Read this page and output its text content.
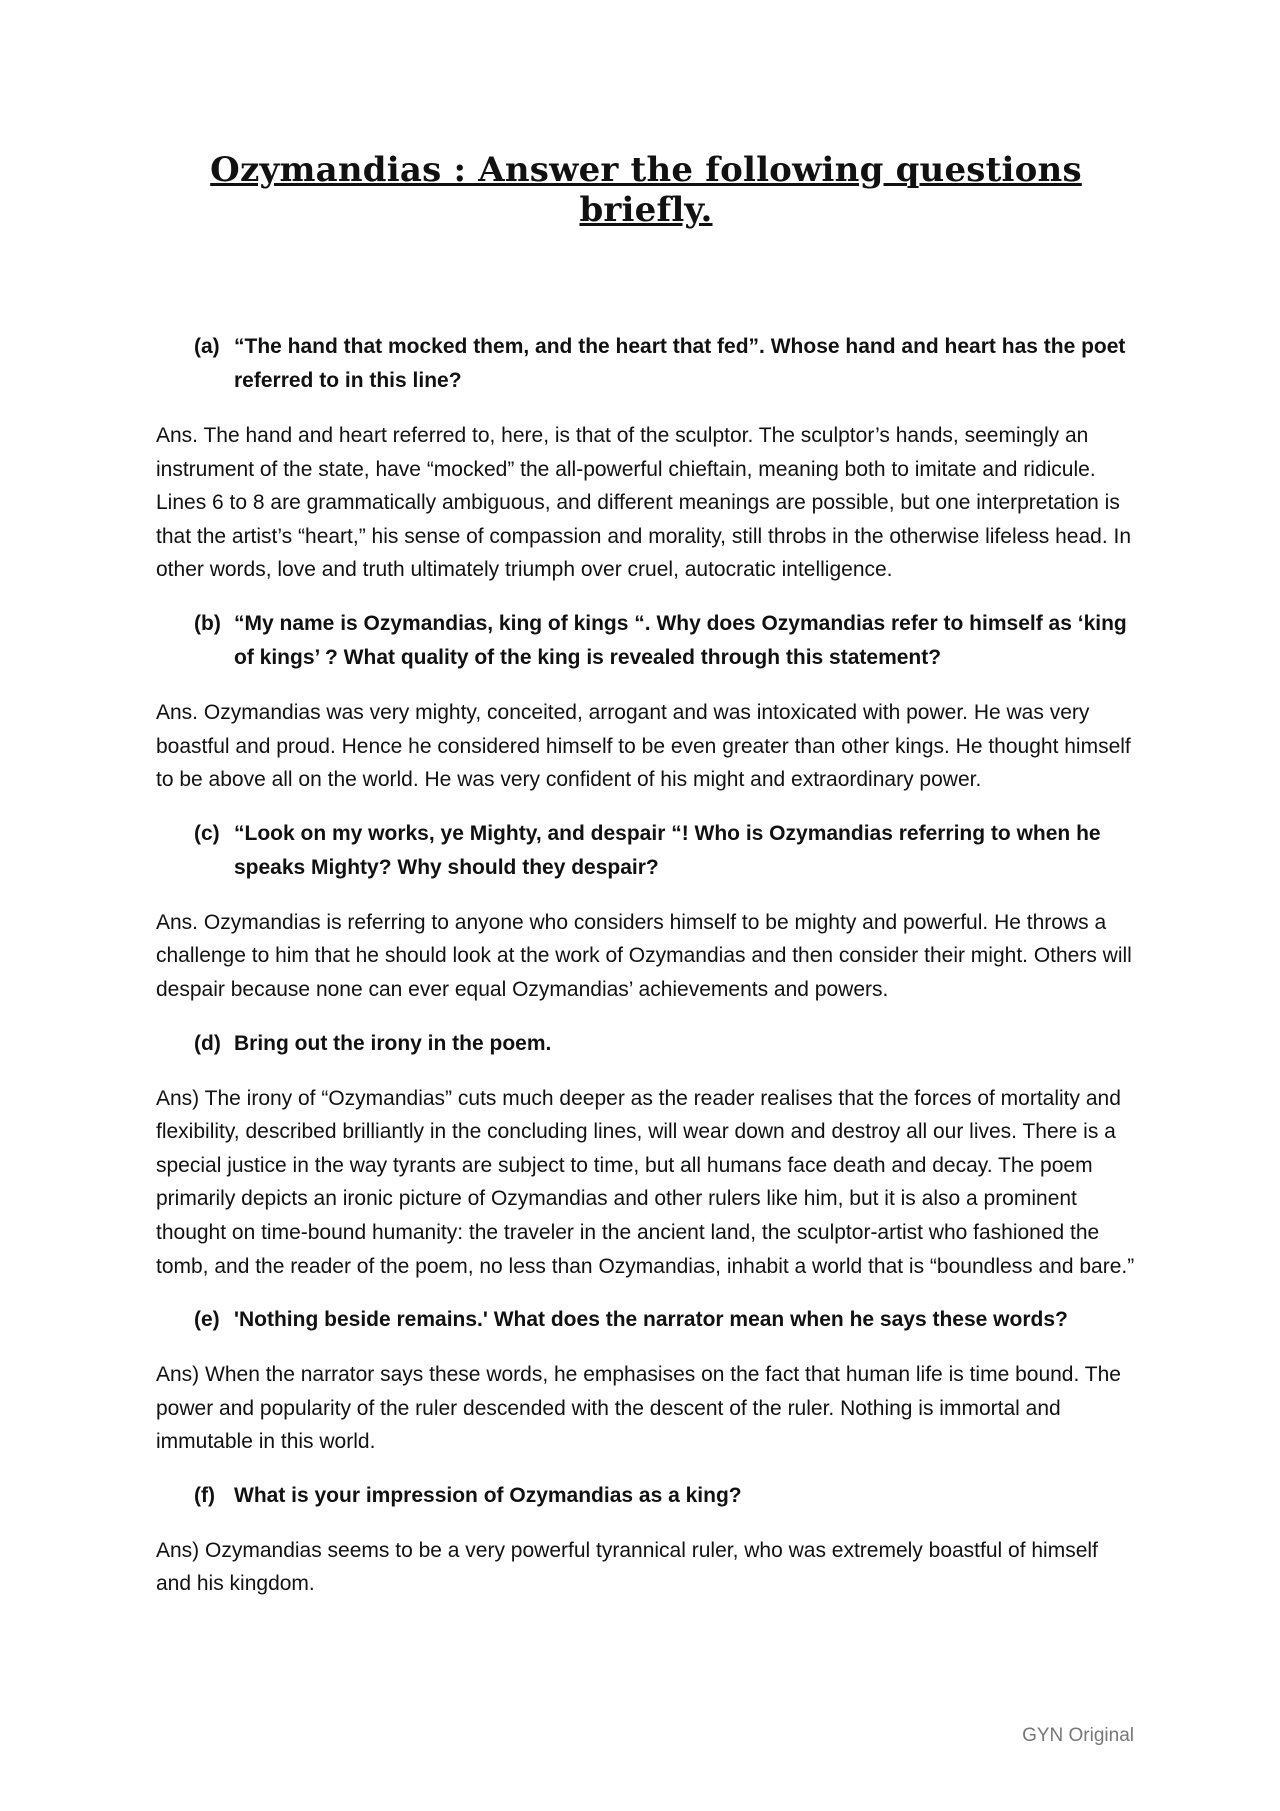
Ozymandias : Answer the following questions briefly.
(a) “The hand that mocked them, and the heart that fed”. Whose hand and heart has the poet referred to in this line?

Ans. The hand and heart referred to, here, is that of the sculptor. The sculptor’s hands, seemingly an instrument of the state, have “mocked” the all-powerful chieftain, meaning both to imitate and ridicule. Lines 6 to 8 are grammatically ambiguous, and different meanings are possible, but one interpretation is that the artist’s “heart,” his sense of compassion and morality, still throbs in the otherwise lifeless head. In other words, love and truth ultimately triumph over cruel, autocratic intelligence.

(b) “My name is Ozymandias, king of kings “. Why does Ozymandias refer to himself as ‘king of kings’ ? What quality of the king is revealed through this statement?

Ans. Ozymandias was very mighty, conceited, arrogant and was intoxicated with power. He was very boastful and proud. Hence he considered himself to be even greater than other kings. He thought himself to be above all on the world. He was very confident of his might and extraordinary power.

(c) “Look on my works, ye Mighty, and despair “! Who is Ozymandias referring to when he speaks Mighty? Why should they despair?

Ans. Ozymandias is referring to anyone who considers himself to be mighty and powerful. He throws a challenge to him that he should look at the work of Ozymandias and then consider their might. Others will despair because none can ever equal Ozymandias’ achievements and powers.

(d) Bring out the irony in the poem.

Ans) The irony of “Ozymandias” cuts much deeper as the reader realises that the forces of mortality and flexibility, described brilliantly in the concluding lines, will wear down and destroy all our lives. There is a special justice in the way tyrants are subject to time, but all humans face death and decay. The poem primarily depicts an ironic picture of Ozymandias and other rulers like him, but it is also a prominent thought on time-bound humanity: the traveler in the ancient land, the sculptor-artist who fashioned the tomb, and the reader of the poem, no less than Ozymandias, inhabit a world that is “boundless and bare.”

(e) 'Nothing beside remains.' What does the narrator mean when he says these words?

Ans) When the narrator says these words, he emphasises on the fact that human life is time bound. The power and popularity of the ruler descended with the descent of the ruler. Nothing is immortal and immutable in this world.

(f) What is your impression of Ozymandias as a king?

Ans) Ozymandias seems to be a very powerful tyrannical ruler, who was extremely boastful of himself and his kingdom.

GYN Original
